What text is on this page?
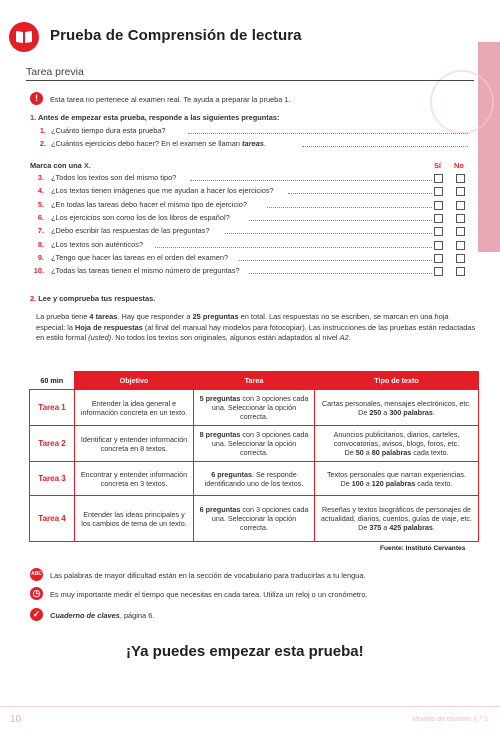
Prueba de Comprensión de lectura
Tarea previa
!	Esta tarea no pertenece al examen real. Te ayuda a preparar la prueba 1.
1. Antes de empezar esta prueba, responde a las siguientes preguntas:
1. ¿Cuánto tiempo dura esta prueba?
2. ¿Cuántos ejercicios debo hacer? En el examen se llaman tareas.
Marca con una X.	Sí No
3. ¿Todos los textos son del mismo tipo?
4. ¿Los textos tienen imágenes que me ayudan a hacer los ejercicios?
5. ¿En todas las tareas debo hacer el mismo tipo de ejercicio?
6. ¿Los ejercicios son como los de los libros de español?
7. ¿Debo escribir las respuestas de las preguntas?
8. ¿Los textos son auténticos?
9. ¿Tengo que hacer las tareas en el orden del examen?
10. ¿Todas las tareas tienen el mismo número de preguntas?
2. Lee y comprueba tus respuestas.
La prueba tiene 4 tareas. Hay que responder a 25 preguntas en total. Las respuestas no se escriben, se marcan en una hoja especial: la Hoja de respuestas (al final del manual hay modelos para fotocopiar). Las instrucciones de las pruebas están redactadas en estilo formal (usted). No todos los textos son originales, algunos están adaptados al nivel A2.
60 min	Objetivo	Tarea	Tipo de texto
Tarea 1	Entender la idea general e información concreta en un texto.	5 preguntas con 3 opciones cada una. Seleccionar la opción correcta.	Cartas personales, mensajes electrónicos, etc.
De 250 a 300 palabras.
Tarea 2	Identificar y entender información concreta en 8 textos.	8 preguntas con 3 opciones cada una. Seleccionar la opción correcta.	Anuncios publicitarios, diarios, carteles, convocatorias, avisos, blogs, foros, etc.
De 50 a 80 palabras cada texto.
Tarea 3	Encontrar y entender información concreta en 3 textos.	6 preguntas. Se responde identificando uno de los textos.	Textos personales que narran experiencias.
De 100 a 120 palabras cada texto.
Tarea 4	Entender las ideas principales y los cambios de tema de un texto.	6 preguntas con 3 opciones cada una. Seleccionar la opción correcta.	Reseñas y textos biográficos de personajes de actualidad, diarios, cuentos, guías de viaje, etc.
De 375 a 425 palabras.
Fuente: Instituto Cervantes
ABC Las palabras de mayor dificultad están en la sección de vocabulario para traducirlas a tu lengua.
◷	Es muy importante medir el tiempo que necesitas en cada tarea. Utiliza un reloj o un cronómetro.
✓	Cuaderno de claves, página 6.
¡Ya puedes empezar esta prueba!
10	Modelo de examen n.º 1
